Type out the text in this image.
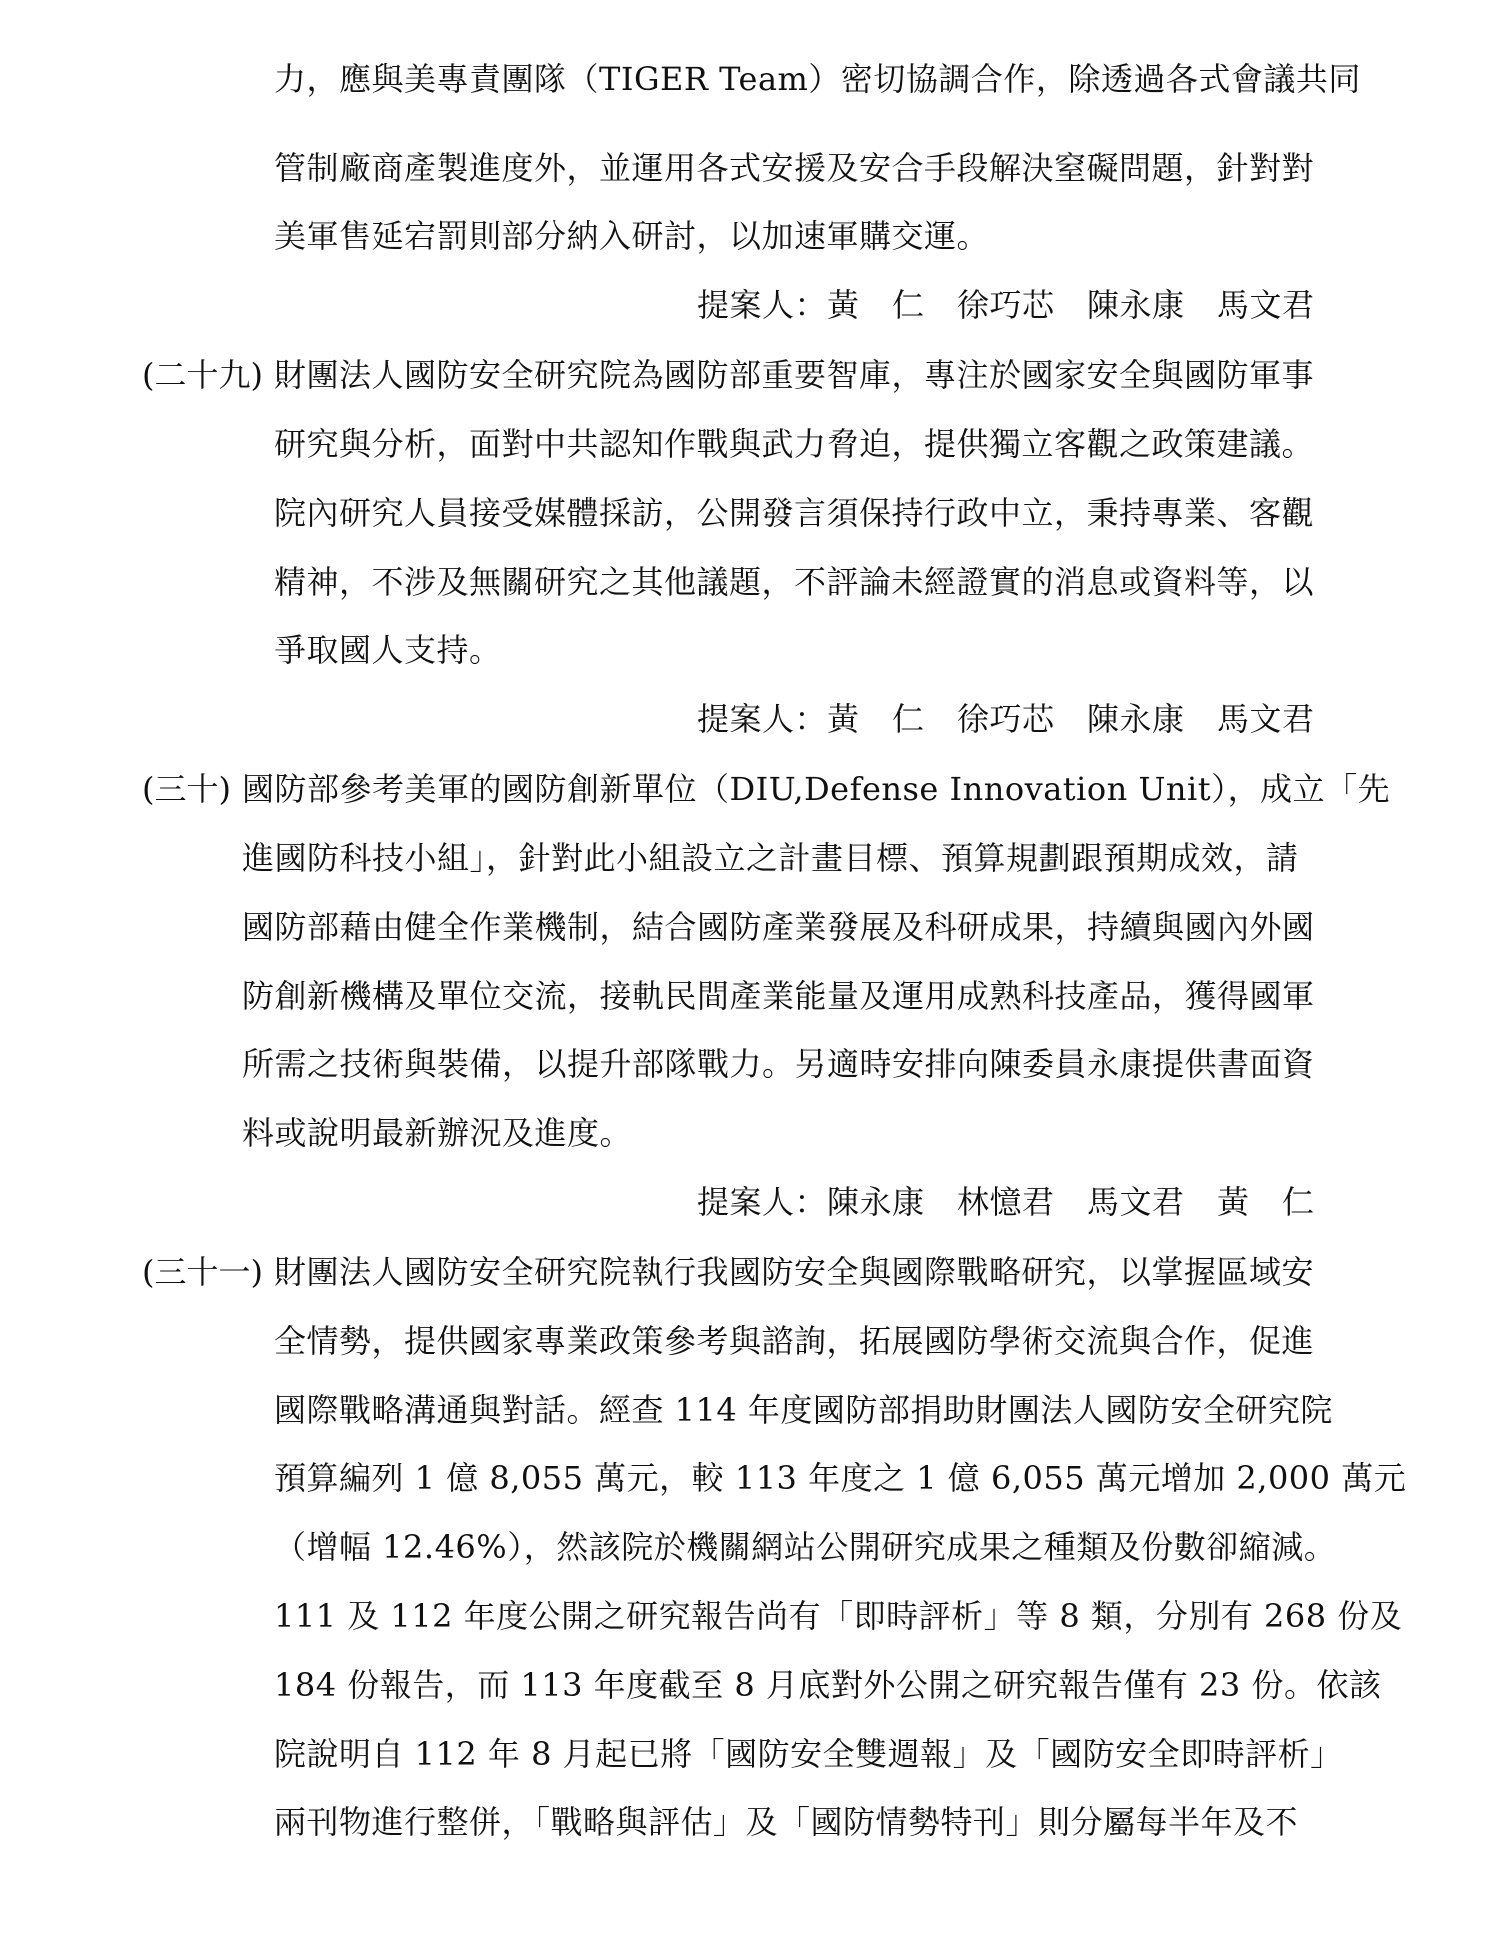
力，應與美專責團隊（TIGER Team）密切協調合作，除透過各式會議共同
管制廠商產製進度外，並運用各式安援及安合手段解決窒礙問題，針對對
美軍售延宕罰則部分納入研討，以加速軍購交運。
提案人：黃　仁　徐巧芯　陳永康　馬文君
(二十九) 財團法人國防安全研究院為國防部重要智庫，專注於國家安全與國防軍事
研究與分析，面對中共認知作戰與武力脅迫，提供獨立客觀之政策建議。
院內研究人員接受媒體採訪，公開發言須保持行政中立，秉持專業、客觀
精神，不涉及無關研究之其他議題，不評論未經證實的消息或資料等，以
爭取國人支持。
提案人：黃　仁　徐巧芯　陳永康　馬文君
(三十) 國防部參考美軍的國防創新單位（DIU,Defense Innovation Unit），成立「先
進國防科技小組」，針對此小組設立之計畫目標、預算規劃跟預期成效，請
國防部藉由健全作業機制，結合國防產業發展及科研成果，持續與國內外國
防創新機構及單位交流，接軌民間產業能量及運用成熟科技產品，獲得國軍
所需之技術與裝備，以提升部隊戰力。另適時安排向陳委員永康提供書面資
料或說明最新辦況及進度。
提案人：陳永康　林憶君　馬文君　黃　仁
(三十一) 財團法人國防安全研究院執行我國防安全與國際戰略研究，以掌握區域安
全情勢，提供國家專業政策參考與諮詢，拓展國防學術交流與合作，促進
國際戰略溝通與對話。經查 114 年度國防部捐助財團法人國防安全研究院
預算編列 1 億 8,055 萬元，較 113 年度之 1 億 6,055 萬元增加 2,000 萬元
（增幅 12.46%），然該院於機關網站公開研究成果之種類及份數卻縮減。
111 及 112 年度公開之研究報告尚有「即時評析」等 8 類，分別有 268 份及
184 份報告，而 113 年度截至 8 月底對外公開之研究報告僅有 23 份。依該
院說明自 112 年 8 月起已將「國防安全雙週報」及「國防安全即時評析」
兩刊物進行整併，「戰略與評估」及「國防情勢特刊」則分屬每半年及不
